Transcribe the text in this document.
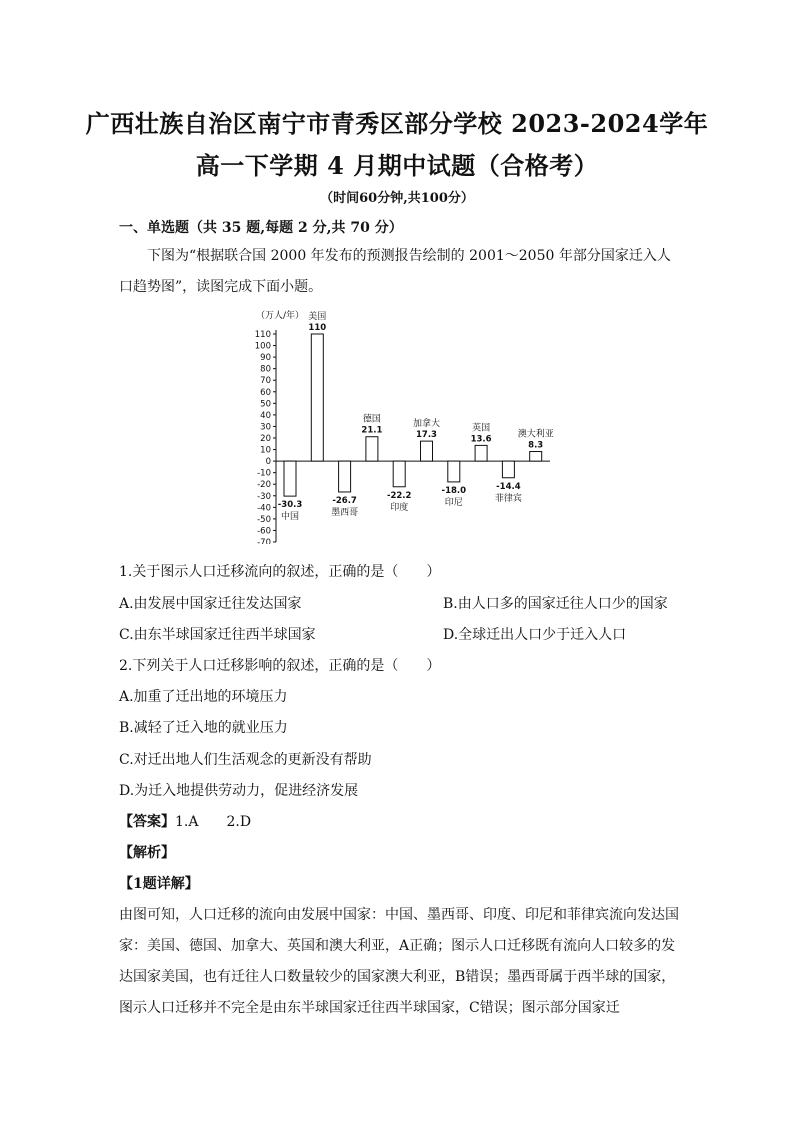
广西壮族自治区南宁市青秀区部分学校 2023-2024学年
高一下学期 4 月期中试题（合格考）
（时间60分钟,共100分）
一、单选题（共 35 题,每题 2 分,共 70 分）
下图为“根据联合国 2000 年发布的预测报告绘制的 2001～2050 年部分国家迁入人口趋势图”，读图完成下面小题。
（万人/年）
110
100
90
80
70
60
50
40
30
20
10
0
-10
-20
-30
-40
-50
-60
-70
中国
-30.3
美国
110
墨西哥
-26.7
德国
21.1
印度
-22.2
加拿大
17.3
印尼
-18.0
英国
13.6
菲律宾
-14.4
澳大利亚
8.3
1.关于图示人口迁移流向的叙述，正确的是（　　）
A.由发展中国家迁往发达国家	B.由人口多的国家迁往人口少的国家
C.由东半球国家迁往西半球国家	D.全球迁出人口少于迁入人口
2.下列关于人口迁移影响的叙述，正确的是（　　）
A.加重了迁出地的环境压力
B.减轻了迁入地的就业压力
C.对迁出地人们生活观念的更新没有帮助
D.为迁入地提供劳动力，促进经济发展
【答案】1.A　　2.D
【解析】
【1题详解】
由图可知，人口迁移的流向由发展中国家：中国、墨西哥、印度、印尼和菲律宾流向发达国家：美国、德国、加拿大、英国和澳大利亚，A正确；图示人口迁移既有流向人口较多的发达国家美国，也有迁往人口数量较少的国家澳大利亚，B错误；墨西哥属于西半球的国家，图示人口迁移并不完全是由东半球国家迁往西半球国家，C错误；图示部分国家迁
